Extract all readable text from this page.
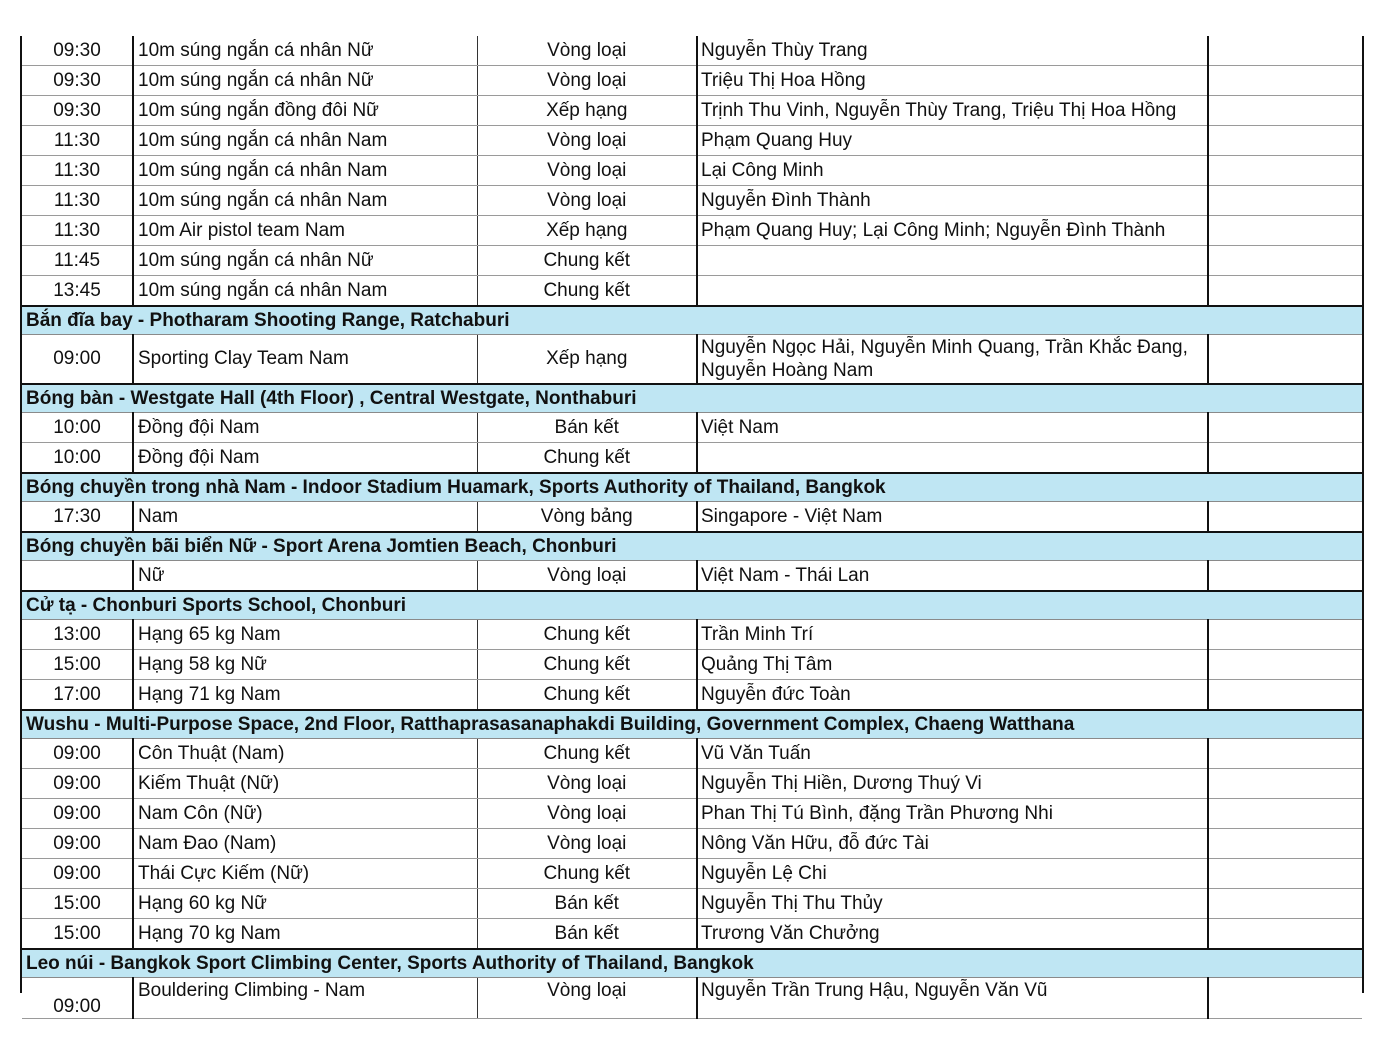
09:30	10m súng ngắn cá nhân Nữ	Vòng loại	Nguyễn Thùy Trang	
09:30	10m súng ngắn cá nhân Nữ	Vòng loại	Triệu Thị Hoa Hồng	
09:30	10m súng ngắn đồng đôi Nữ	Xếp hạng	Trịnh Thu Vinh, Nguyễn Thùy Trang, Triệu Thị Hoa Hồng	
11:30	10m súng ngắn cá nhân Nam	Vòng loại	Phạm Quang Huy	
11:30	10m súng ngắn cá nhân Nam	Vòng loại	Lại Công Minh	
11:30	10m súng ngắn cá nhân Nam	Vòng loại	Nguyễn Đình Thành	
11:30	10m Air pistol team Nam	Xếp hạng	Phạm Quang Huy; Lại Công Minh; Nguyễn Đình Thành	
11:45	10m súng ngắn cá nhân Nữ	Chung kết		
13:45	10m súng ngắn cá nhân Nam	Chung kết		
Bắn đĩa bay - Photharam Shooting Range, Ratchaburi				
09:00	Sporting Clay Team Nam	Xếp hạng	Nguyễn Ngọc Hải, Nguyễn Minh Quang, Trần Khắc Đang, Nguyễn Hoàng Nam	
Bóng bàn - Westgate Hall (4th Floor) , Central Westgate, Nonthaburi				
10:00	Đồng đội Nam	Bán kết	Việt Nam	
10:00	Đồng đội Nam	Chung kết		
Bóng chuyền trong nhà Nam - Indoor Stadium Huamark, Sports Authority of Thailand, Bangkok				
17:30	Nam	Vòng bảng	Singapore - Việt Nam	
Bóng chuyền bãi biển Nữ - Sport Arena Jomtien Beach, Chonburi				
	Nữ	Vòng loại	Việt Nam - Thái Lan	
Cử tạ - Chonburi Sports School, Chonburi				
13:00	Hạng 65 kg Nam	Chung kết	Trần Minh Trí	
15:00	Hạng 58 kg Nữ	Chung kết	Quảng Thị Tâm	
17:00	Hạng 71 kg Nam	Chung kết	Nguyễn đức Toàn	
Wushu - Multi-Purpose Space, 2nd Floor, Ratthaprasasanaphakdi Building, Government Complex, Chaeng Watthana				
09:00	Côn Thuật (Nam)	Chung kết	Vũ Văn Tuấn	
09:00	Kiếm Thuật (Nữ)	Vòng loại	Nguyễn Thị Hiền, Dương Thuý Vi	
09:00	Nam Côn (Nữ)	Vòng loại	Phan Thị Tú Bình, đặng Trần Phương Nhi	
09:00	Nam Đao (Nam)	Vòng loại	Nông Văn Hữu, đỗ đức Tài	
09:00	Thái Cực Kiếm (Nữ)	Chung kết	Nguyễn Lệ Chi	
15:00	Hạng 60 kg Nữ	Bán kết	Nguyễn Thị Thu Thủy	
15:00	Hạng 70 kg Nam	Bán kết	Trương Văn Chưởng	
Leo núi - Bangkok Sport Climbing Center, Sports Authority of Thailand, Bangkok				
09:00	Bouldering Climbing - Nam	Vòng loại	Nguyễn Trần Trung Hậu, Nguyễn Văn Vũ	
